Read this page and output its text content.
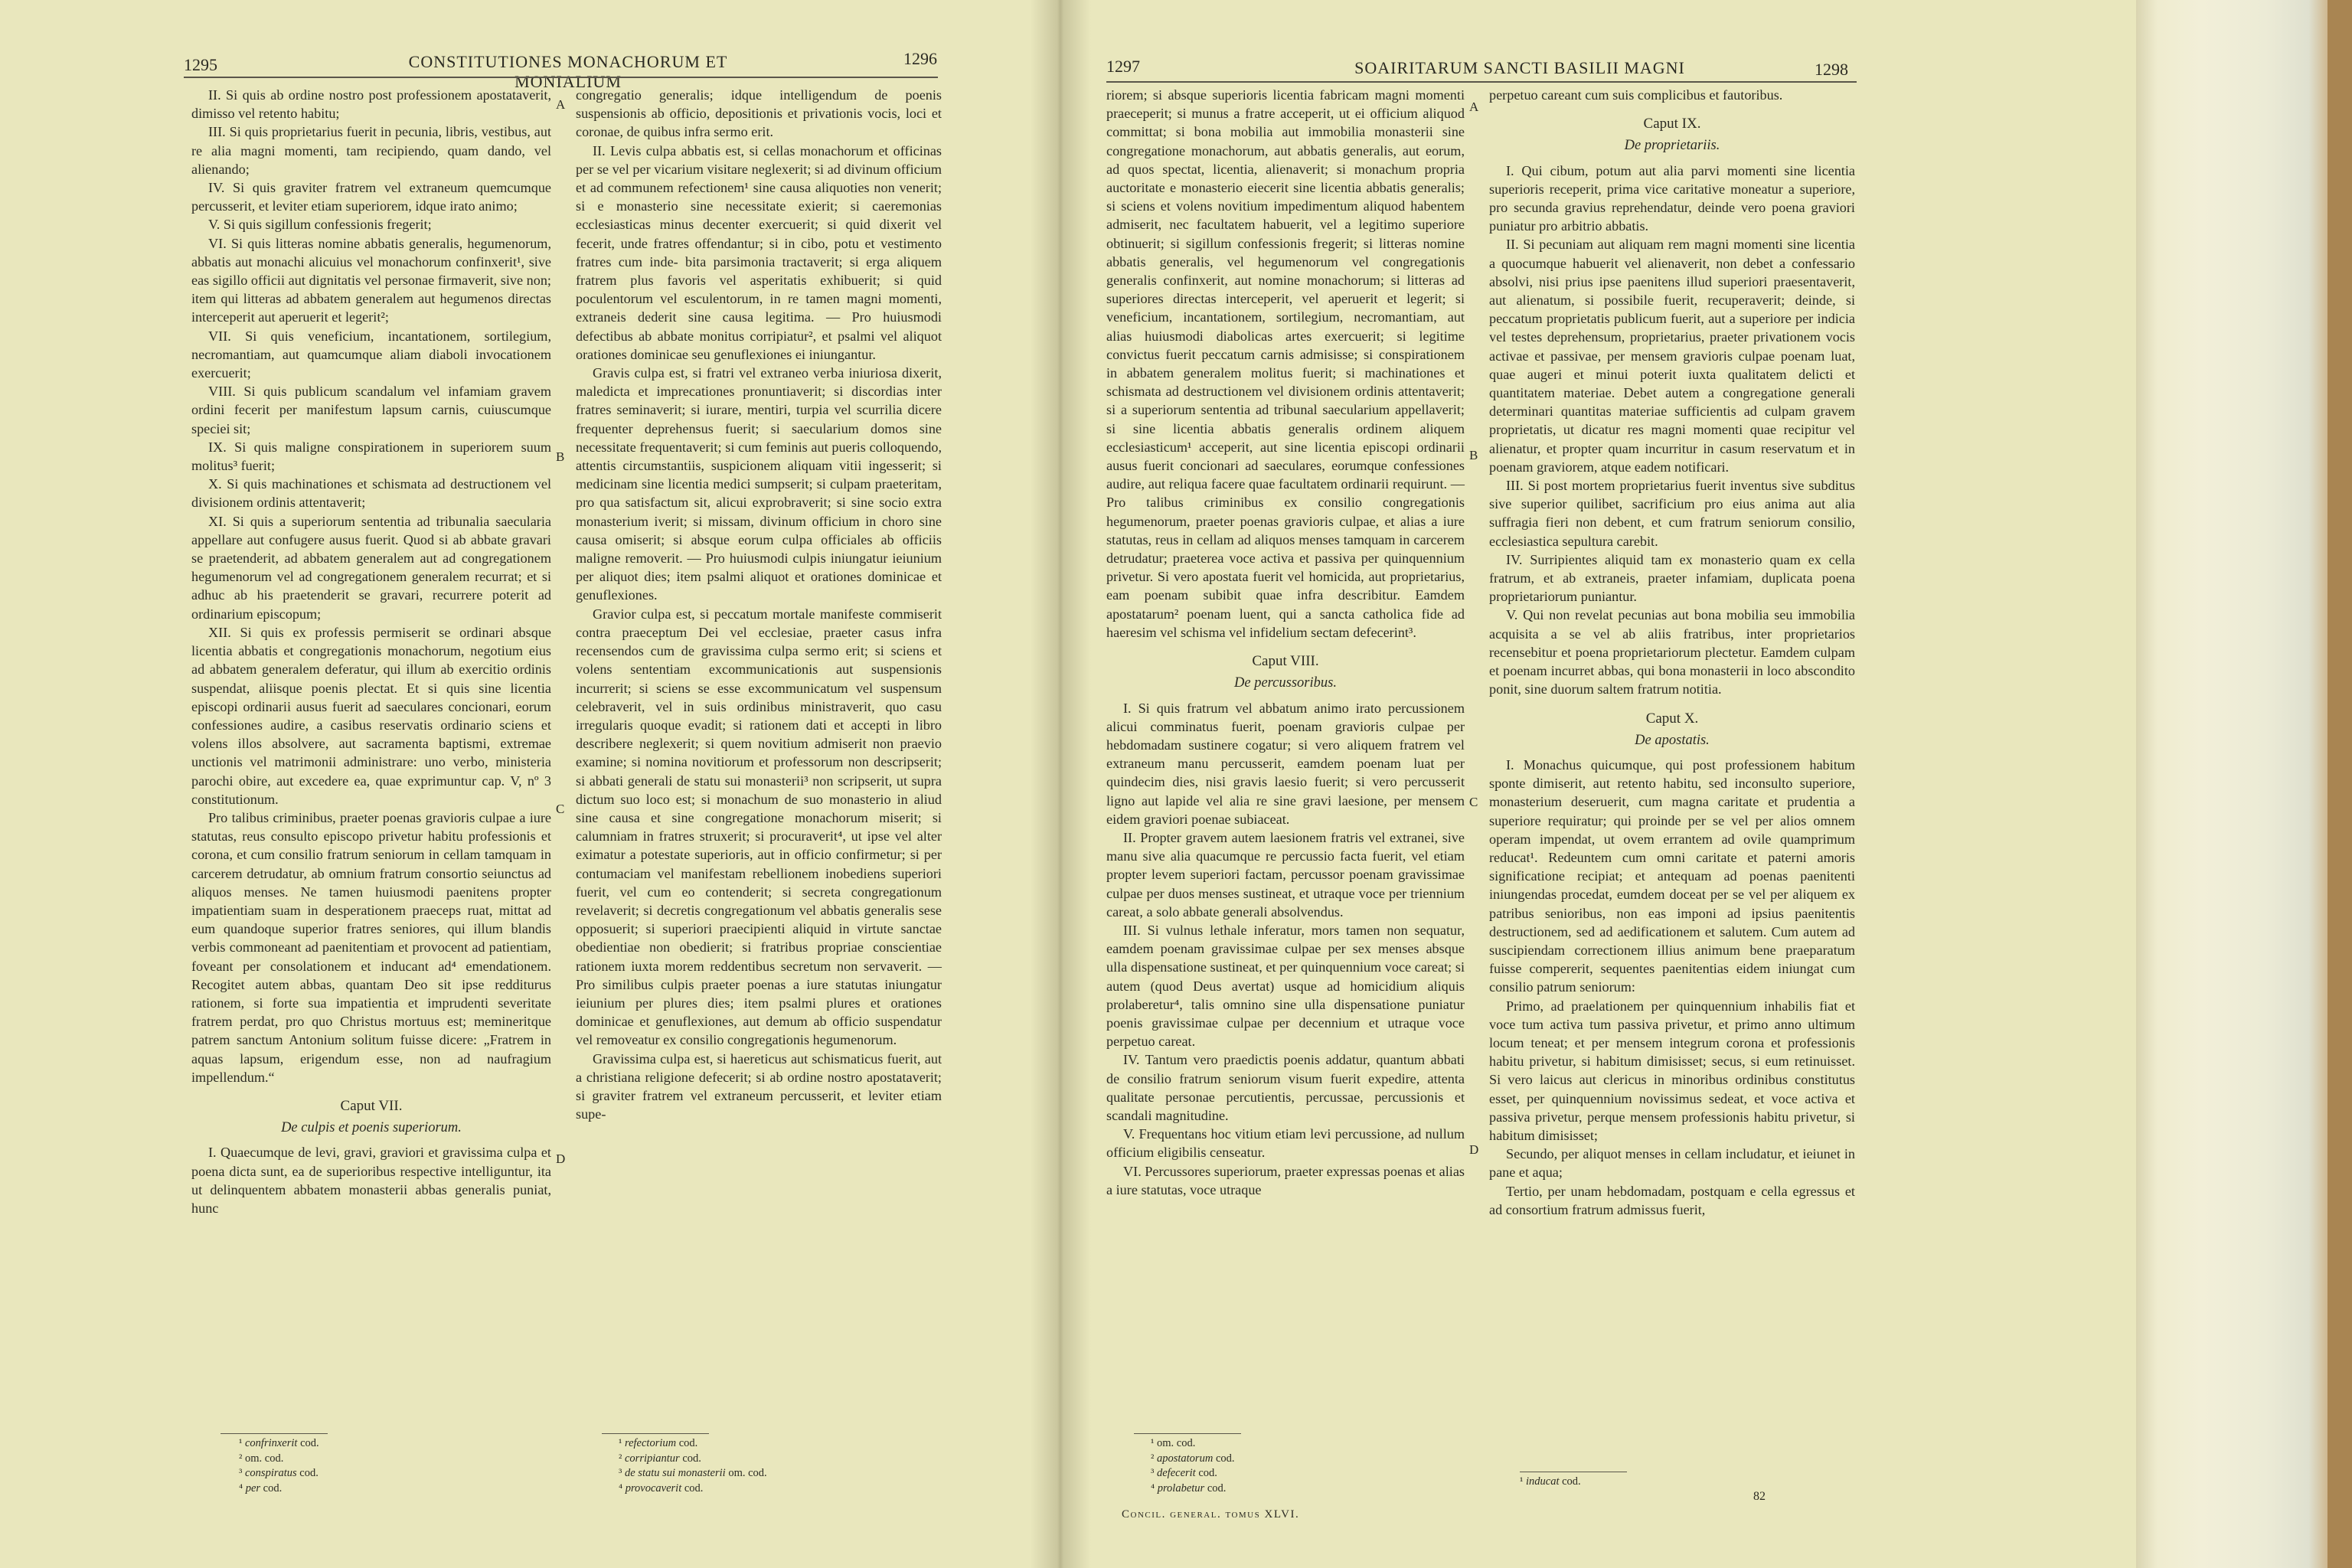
1295	CONSTITUTIONES MONACHORUM ET MONIALIUM
1296

II. Si quis ab ordine nostro post professionem apostataverit, dimisso vel retento habitu;

III. Si quis proprietarius fuerit in pecunia, libris, vestibus, aut re alia magni momenti, tam recipiendo, quam dando, vel alienando;

IV. Si quis graviter fratrem vel extraneum quemcumque percusserit, et leviter etiam superiorem, idque irato animo;

V. Si quis sigillum confessionis fregerit;

VI. Si quis litteras nomine abbatis generalis, hegumenorum, abbatis aut monachi alicuius vel monachorum confinxerit¹, sive eas sigillo officii aut dignitatis vel personae firmaverit, sive non; item qui litteras ad abbatem generalem aut hegumenos directas interceperit aut aperuerit et legerit²;

VII. Si quis veneficium, incantationem, sortilegium, necromantiam, aut quamcumque aliam diaboli invocationem exercuerit;

VIII. Si quis publicum scandalum vel infamiam gravem ordini fecerit per manifestum lapsum carnis, cuiuscumque speciei sit;

IX. Si quis maligne conspirationem in superiorem suum molitus³ fuerit;

X. Si quis machinationes et schismata ad destructionem vel divisionem ordinis attentaverit;

XI. Si quis a superiorum sententia ad tribunalia saecularia appellare aut confugere ausus fuerit. Quod si ab abbate gravari se praetenderit, ad abbatem generalem aut ad congregationem hegumenorum vel ad congregationem generalem recurrat; et si adhuc ab his praetenderit se gravari, recurrere poterit ad ordinarium episcopum;

XII. Si quis ex professis permiserit se ordinari absque licentia abbatis et congregationis monachorum, negotium eius ad abbatem generalem deferatur, qui illum ab exercitio ordinis suspendat, aliisque poenis plectat. Et si quis sine licentia episcopi ordinarii ausus fuerit ad saeculares concionari, eorum confessiones audire, a casibus reservatis ordinario sciens et volens illos absolvere, aut sacramenta baptismi, extremae unctionis vel matrimonii administrare: uno verbo, ministeria parochi obire, aut excedere ea, quae exprimuntur cap. V, nº 3 constitutionum.

Pro talibus criminibus, praeter poenas gravioris culpae a iure statutas, reus consulto episcopo privetur habitu professionis et corona, et cum consilio fratrum seniorum in cellam tamquam in carcerem detrudatur, ab omnium fratrum consortio seiunctus ad aliquos menses. Ne tamen huiusmodi paenitens propter impatientiam suam in desperationem praeceps ruat, mittat ad eum quandoque superior fratres seniores, qui illum blandis verbis commoneant ad paenitentiam et provocent ad patientiam, foveant per consolationem et inducant ad⁴ emendationem. Recogitet autem abbas, quantam Deo sit ipse redditurus rationem, si forte sua impatientia et imprudenti severitate fratrem perdat, pro quo Christus mortuus est; memineritque patrem sanctum Antonium solitum fuisse dicere: „Fratrem in aquas lapsum, erigendum esse, non ad naufragium impellendum.“

Caput VII.

De culpis et poenis superiorum.

I. Quaecumque de levi, gravi, graviori et gravissima culpa et poena dicta sunt, ea de superioribus respective intelliguntur, ita ut delinquentem abbatem monasterii abbas generalis puniat, hunc

congregatio generalis; idque intelligendum de poenis suspensionis ab officio, depositionis et privationis vocis, loci et coronae, de quibus infra sermo erit.

II. Levis culpa abbatis est, si cellas monachorum et officinas per se vel per vicarium visitare neglexerit; si ad divinum officium et ad communem refectionem¹ sine causa aliquoties non venerit; si e monasterio sine necessitate exierit; si caeremonias ecclesiasticas minus decenter exercuerit; si quid dixerit vel fecerit, unde fratres offendantur; si in cibo, potu et vestimento fratres cum inde- bita parsimonia tractaverit; si erga aliquem fratrem plus favoris vel asperitatis exhibuerit; si quid poculentorum vel esculentorum, in re tamen magni momenti, extraneis dederit sine causa legitima. — Pro huiusmodi defectibus ab abbate monitus corripiatur², et psalmi vel aliquot orationes dominicae seu genuflexiones ei iniungantur.

Gravis culpa est, si fratri vel extraneo verba iniuriosa dixerit, maledicta et imprecationes pronuntiaverit; si discordias inter fratres seminaverit; si iurare, mentiri, turpia vel scurrilia dicere frequenter deprehensus fuerit; si saecularium domos sine necessitate frequentaverit; si cum feminis aut pueris colloquendo, attentis circumstantiis, suspicionem aliquam vitii ingesserit; si medicinam sine licentia medici sumpserit; si culpam praeteritam, pro qua satisfactum sit, alicui exprobraverit; si sine socio extra monasterium iverit; si missam, divinum officium in choro sine causa omiserit; si absque eorum culpa officiales ab officiis maligne removerit. — Pro huiusmodi culpis iniungatur ieiunium per aliquot dies; item psalmi aliquot et orationes dominicae et genuflexiones.

Gravior culpa est, si peccatum mortale manifeste commiserit contra praeceptum Dei vel ecclesiae, praeter casus infra recensendos cum de gravissima culpa sermo erit; si sciens et volens sententiam excommunicationis aut suspensionis incurrerit; si sciens se esse excommunicatum vel suspensum celebraverit, vel in suis ordinibus ministraverit, quo casu irregularis quoque evadit; si rationem dati et accepti in libro describere neglexerit; si quem novitium admiserit non praevio examine; si nomina novitiorum et professorum non descripserit; si abbati generali de statu sui monasterii³ non scripserit, ut supra dictum suo loco est; si monachum de suo monasterio in aliud sine causa et sine congregatione monachorum miserit; si calumniam in fratres struxerit; si procuraverit⁴, ut ipse vel alter eximatur a potestate superioris, aut in officio confirmetur; si per contumaciam vel manifestam rebellionem inobediens superiori fuerit, vel cum eo contenderit; si secreta congregationum revelaverit; si decretis congregationum vel abbatis generalis sese opposuerit; si superiori praecipienti aliquid in virtute sanctae obedientiae non obedierit; si fratribus propriae conscientiae rationem iuxta morem reddentibus secretum non servaverit. — Pro similibus culpis praeter poenas a iure statutas iniungatur ieiunium per plures dies; item psalmi plures et orationes dominicae et genuflexiones, aut demum ab officio suspendatur vel removeatur ex consilio congregationis hegumenorum.

Gravissima culpa est, si haereticus aut schismaticus fuerit, aut a christiana religione defecerit; si ab ordine nostro apostataverit; si graviter fratrem vel extraneum percusserit, et leviter etiam supe-

A
B
C
D
¹ confrinxerit cod.
² om. cod.
³ conspiratus cod.
⁴ per cod.
¹ refectorium cod.
² corripiantur cod.
³ de statu sui monasterii om. cod.
⁴ provocaverit cod.
1297	SOAIRITARUM SANCTI BASILII MAGNI	1298

riorem; si absque superioris licentia fabricam magni momenti praeceperit; si munus a fratre acceperit, ut ei officium aliquod committat; si bona mobilia aut immobilia monasterii sine congregatione monachorum, aut abbatis generalis, aut eorum, ad quos spectat, licentia, alienaverit; si monachum propria auctoritate e monasterio eiecerit sine licentia abbatis generalis; si sciens et volens novitium impedimentum aliquod habentem admiserit, nec facultatem habuerit, vel a legitimo superiore obtinuerit; si sigillum confessionis fregerit; si litteras nomine abbatis generalis, vel hegumenorum vel congregationis generalis confinxerit, aut nomine monachorum; si litteras ad superiores directas interceperit, vel aperuerit et legerit; si veneficium, incantationem, sortilegium, necromantiam, aut alias huiusmodi diabolicas artes exercuerit; si legitime convictus fuerit peccatum carnis admisisse; si conspirationem in abbatem generalem molitus fuerit; si machinationes et schismata ad destructionem vel divisionem ordinis attentaverit; si a superiorum sententia ad tribunal saecularium appellaverit; si sine licentia abbatis generalis ordinem aliquem ecclesiasticum¹ acceperit, aut sine licentia episcopi ordinarii ausus fuerit concionari ad saeculares, eorumque confessiones audire, aut reliqua facere quae facultatem ordinarii requirunt. — Pro talibus criminibus ex consilio congregationis hegumenorum, praeter poenas gravioris culpae, et alias a iure statutas, reus in cellam ad aliquos menses tamquam in carcerem detrudatur; praeterea voce activa et passiva per quinquennium privetur. Si vero apostata fuerit vel homicida, aut proprietarius, eam poenam subibit quae infra describitur. Eamdem apostatarum² poenam luent, qui a sancta catholica fide ad haeresim vel schisma vel infidelium sectam defecerint³.

Caput VIII.

De percussoribus.

I. Si quis fratrum vel abbatum animo irato percussionem alicui comminatus fuerit, poenam gravioris culpae per hebdomadam sustinere cogatur; si vero aliquem fratrem vel extraneum manu percusserit, eamdem poenam luat per quindecim dies, nisi gravis laesio fuerit; si vero percusserit ligno aut lapide vel alia re sine gravi laesione, per mensem eidem graviori poenae subiaceat.

II. Propter gravem autem laesionem fratris vel extranei, sive manu sive alia quacumque re percussio facta fuerit, vel etiam propter levem superiori factam, percussor poenam gravissimae culpae per duos menses sustineat, et utraque voce per triennium careat, a solo abbate generali absolvendus.

III. Si vulnus lethale inferatur, mors tamen non sequatur, eamdem poenam gravissimae culpae per sex menses absque ulla dispensatione sustineat, et per quinquennium voce careat; si autem (quod Deus avertat) usque ad homicidium aliquis prolaberetur⁴, talis omnino sine ulla dispensatione puniatur poenis gravissimae culpae per decennium et utraque voce perpetuo careat.

IV. Tantum vero praedictis poenis addatur, quantum abbati de consilio fratrum seniorum visum fuerit expedire, attenta qualitate personae percutientis, percussae, percussionis et scandali magnitudine.

V. Frequentans hoc vitium etiam levi percussione, ad nullum officium eligibilis censeatur.

VI. Percussores superiorum, praeter expressas poenas et alias a iure statutas, voce utraque

perpetuo careant cum suis complicibus et fautoribus.

Caput IX.

De proprietariis.

I. Qui cibum, potum aut alia parvi momenti sine licentia superioris receperit, prima vice caritative moneatur a superiore, pro secunda gravius reprehendatur, deinde vero poena graviori puniatur pro arbitrio abbatis.

II. Si pecuniam aut aliquam rem magni momenti sine licentia a quocumque habuerit vel alienaverit, non debet a confessario absolvi, nisi prius ipse paenitens illud superiori praesentaverit, aut alienatum, si possibile fuerit, recuperaverit; deinde, si peccatum proprietatis publicum fuerit, aut a superiore per indicia vel testes deprehensum, proprietarius, praeter privationem vocis activae et passivae, per mensem gravioris culpae poenam luat, quae augeri et minui poterit iuxta qualitatem delicti et quantitatem materiae. Debet autem a congregatione generali determinari quantitas materiae sufficientis ad culpam gravem proprietatis, ut dicatur res magni momenti quae recipitur vel alienatur, et propter quam incurritur in casum reservatum et in poenam graviorem, atque eadem notificari.

III. Si post mortem proprietarius fuerit inventus sive subditus sive superior quilibet, sacrificium pro eius anima aut alia suffragia fieri non debent, et cum fratrum seniorum consilio, ecclesiastica sepultura carebit.

IV. Surripientes aliquid tam ex monasterio quam ex cella fratrum, et ab extraneis, praeter infamiam, duplicata poena proprietariorum puniantur.

V. Qui non revelat pecunias aut bona mobilia seu immobilia acquisita a se vel ab aliis fratribus, inter proprietarios recensebitur et poena proprietariorum plectetur. Eamdem culpam et poenam incurret abbas, qui bona monasterii in loco abscondito ponit, sine duorum saltem fratrum notitia.

Caput X.

De apostatis.

I. Monachus quicumque, qui post professionem habitum sponte dimiserit, aut retento habitu, sed inconsulto superiore, monasterium deseruerit, cum magna caritate et prudentia a superiore requiratur; qui proinde per se vel per alios omnem operam impendat, ut ovem errantem ad ovile quamprimum reducat¹. Redeuntem cum omni caritate et paterni amoris significatione recipiat; et antequam ad poenas paenitenti iniungendas procedat, eumdem doceat per se vel per aliquem ex patribus senioribus, non eas imponi ad ipsius paenitentis destructionem, sed ad aedificationem et salutem. Cum autem ad suscipiendam correctionem illius animum bene praeparatum fuisse compererit, sequentes paenitentias eidem iniungat cum consilio patrum seniorum:

Primo, ad praelationem per quinquennium inhabilis fiat et voce tum activa tum passiva privetur, et primo anno ultimum locum teneat; et per mensem integrum corona et professionis habitu privetur, si habitum dimisisset; secus, si eum retinuisset. Si vero laicus aut clericus in minoribus ordinibus constitutus esset, per quinquennium novissimus sedeat, et voce activa et passiva privetur, perque mensem professionis habitu privetur, si habitum dimisisset;

Secundo, per aliquot menses in cellam includatur, et ieiunet in pane et aqua;

Tertio, per unam hebdomadam, postquam e cella egressus et ad consortium fratrum admissus fuerit,

A
B
C
D
¹ om. cod.
² apostatorum cod.
³ defecerit cod.
⁴ prolabetur cod.
Concil. general. tomus XLVI.
¹ inducat cod.
82
